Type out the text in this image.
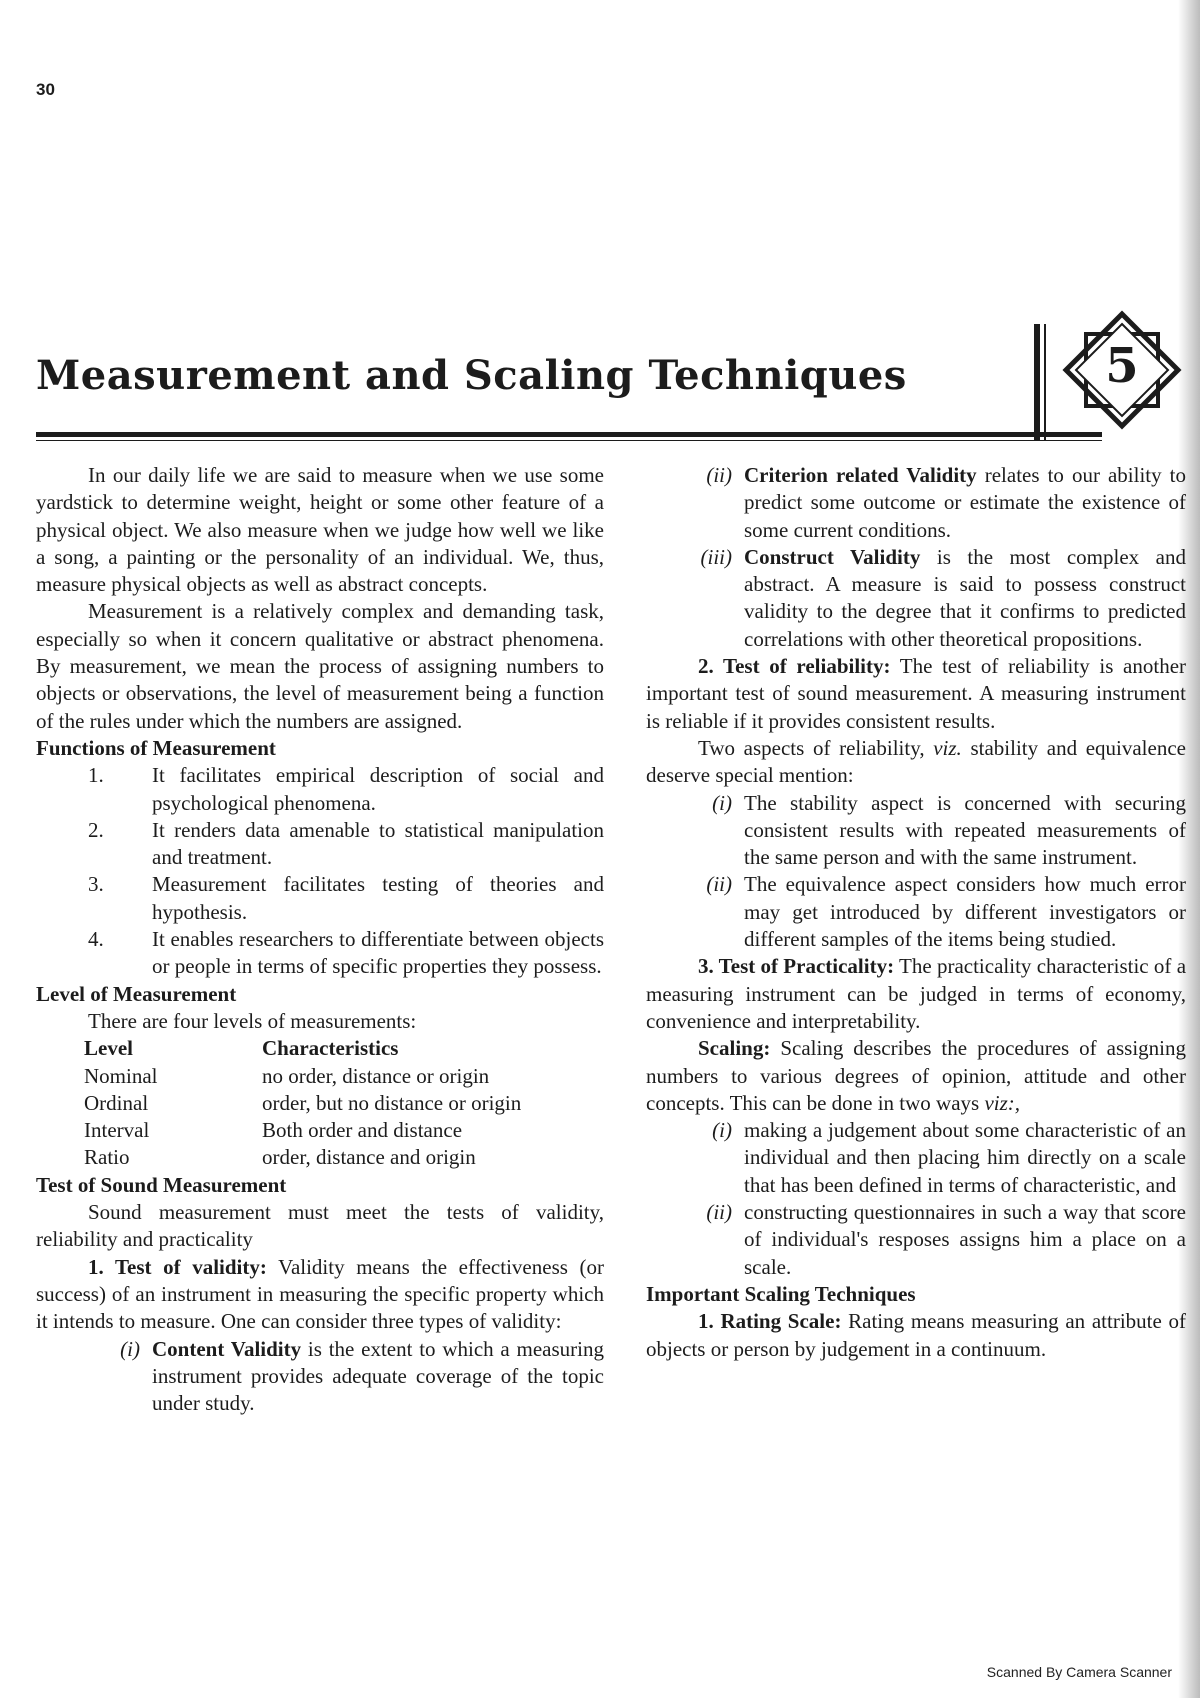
30
Measurement and Scaling Techniques	5

In our daily life we are said to measure when we use some yardstick to determine weight, height or some other feature of a physical object. We also measure when we judge how well we like a song, a painting or the personality of an individual. We, thus, measure physical objects as well as abstract concepts.

Measurement is a relatively complex and demanding task, especially so when it concern qualitative or abstract phenomena. By measurement, we mean the process of assigning numbers to objects or observations, the level of measurement being a function of the rules under which the numbers are assigned.

Functions of Measurement

1.	It facilitates empirical description of social and psychological phenomena.
2.	It renders data amenable to statistical manipulation and treatment.
3.	Measurement facilitates testing of theories and hypothesis.
4.	It enables researchers to differentiate between objects or people in terms of specific properties they possess.

Level of Measurement

There are four levels of measurements:

Level	Characteristics
Nominal	no order, distance or origin
Ordinal	order, but no distance or origin
Interval	Both order and distance
Ratio	order, distance and origin

Test of Sound Measurement

Sound measurement must meet the tests of validity, reliability and practicality

1. Test of validity: Validity means the effectiveness (or success) of an instrument in measuring the specific property which it intends to measure. One can consider three types of validity:

(i) Content Validity is the extent to which a measuring instrument provides adequate coverage of the topic under study.
(ii) Criterion related Validity relates to our ability to predict some outcome or estimate the existence of some current conditions.
(iii) Construct Validity is the most complex and abstract. A measure is said to possess construct validity to the degree that it confirms to predicted correlations with other theoretical propositions.

2. Test of reliability: The test of reliability is another important test of sound measurement. A measuring instrument is reliable if it provides consistent results.

Two aspects of reliability, viz. stability and equivalence deserve special mention:

(i) The stability aspect is concerned with securing consistent results with repeated measurements of the same person and with the same instrument.
(ii) The equivalence aspect considers how much error may get introduced by different investigators or different samples of the items being studied.

3. Test of Practicality: The practicality characteristic of a measuring instrument can be judged in terms of economy, convenience and interpretability.

Scaling: Scaling describes the procedures of assigning numbers to various degrees of opinion, attitude and other concepts. This can be done in two ways viz:,

(i) making a judgement about some characteristic of an individual and then placing him directly on a scale that has been defined in terms of characteristic, and
(ii) constructing questionnaires in such a way that score of individual's resposes assigns him a place on a scale.

Important Scaling Techniques

1. Rating Scale: Rating means measuring an attribute of objects or person by judgement in a continuum.

Scanned By Camera Scanner
